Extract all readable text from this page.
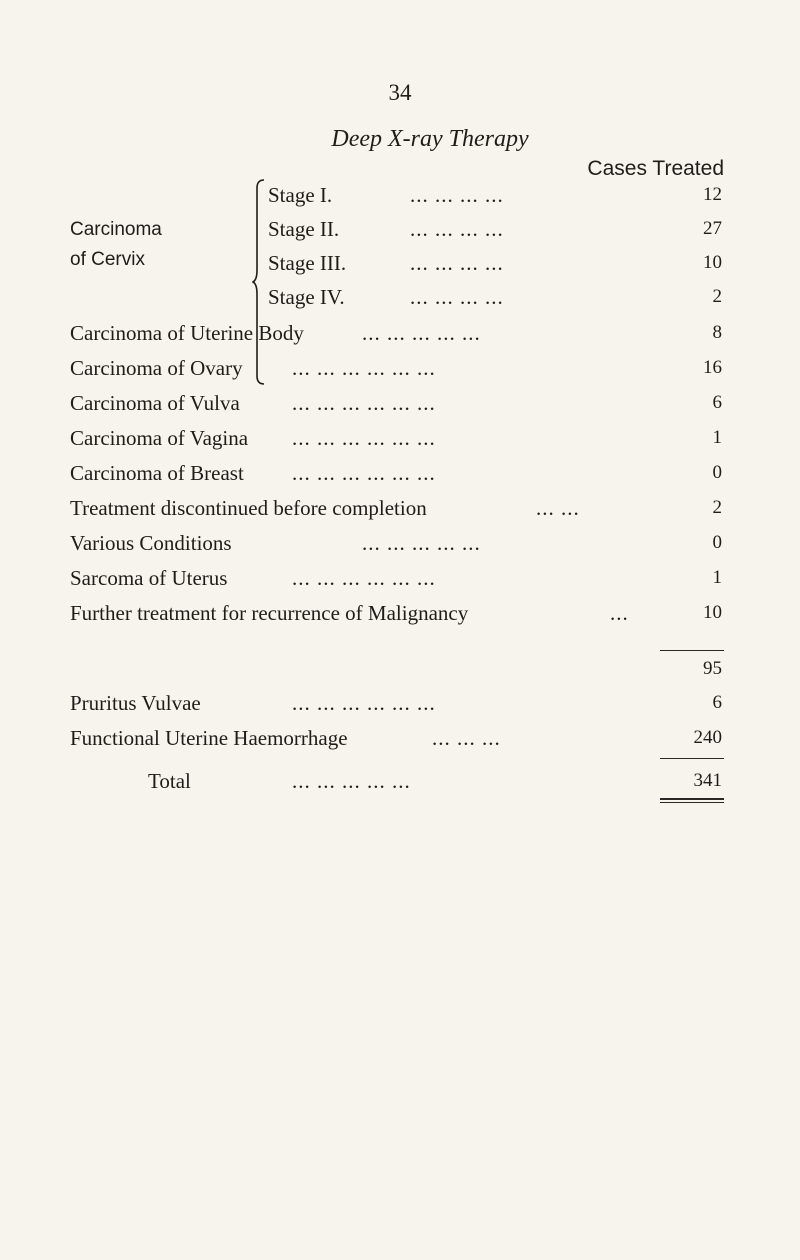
34
Deep X-ray Therapy
Cases Treated
Carcinoma
of Cervix
Stage I.	... ... ... ...	12
Stage II.	... ... ... ...	27
Stage III.	... ... ... ...	10
Stage IV.	... ... ... ...	2
Carcinoma of Uterine Body	... ... ... ... ...	8
Carcinoma of Ovary ... ... ... ... ... ...	16
Carcinoma of Vulva ... ... ... ... ... ...	6
Carcinoma of Vagina ... ... ... ... ... ...	1
Carcinoma of Breast ... ... ... ... ... ...	0
Treatment discontinued before completion	... ...	2
Various Conditions	... ... ... ... ...	0
Sarcoma of Uterus	... ... ... ... ... ...	1
Further treatment for recurrence of Malignancy	...	10
95
Pruritus Vulvae	... ... ... ... ... ...	6
Functional Uterine Haemorrhage	... ... ...	240
Total	... ... ... ... ...	341
